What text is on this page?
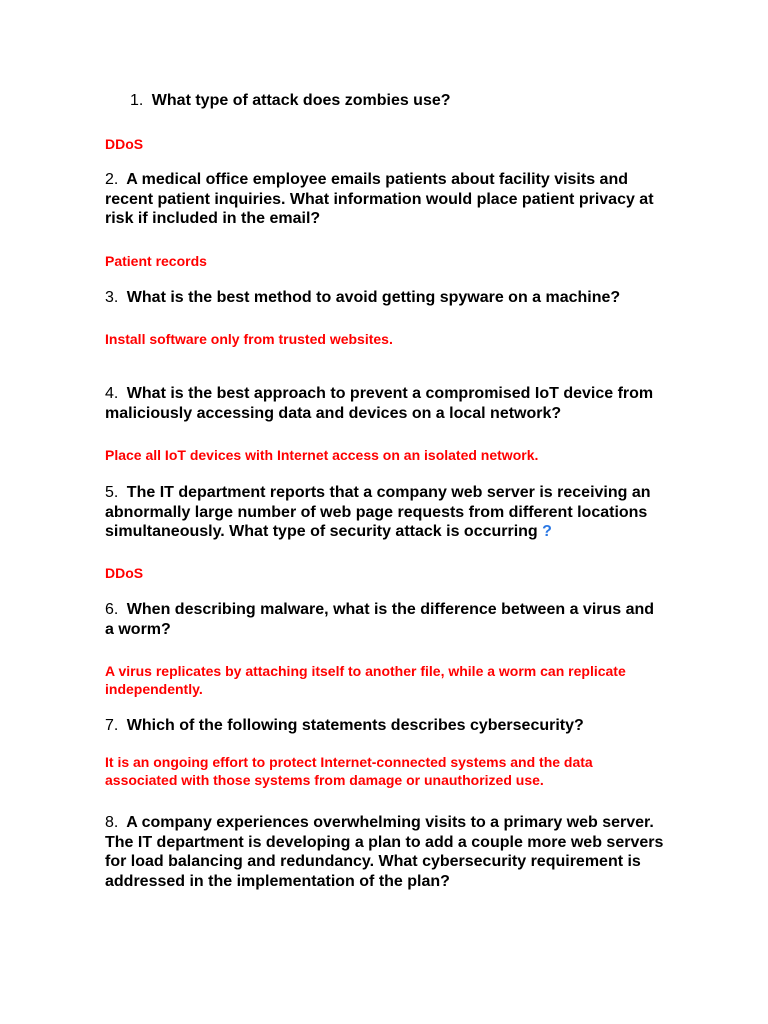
1. What type of attack does zombies use?

DDoS

2. A medical office employee emails patients about facility visits and recent patient inquiries. What information would place patient privacy at risk if included in the email?

Patient records

3. What is the best method to avoid getting spyware on a machine?

Install software only from trusted websites.

4. What is the best approach to prevent a compromised IoT device from maliciously accessing data and devices on a local network?

Place all IoT devices with Internet access on an isolated network.

5. The IT department reports that a company web server is receiving an abnormally large number of web page requests from different locations simultaneously. What type of security attack is occurring ?

DDoS

6. When describing malware, what is the difference between a virus and a worm?

A virus replicates by attaching itself to another file, while a worm can replicate independently.

7. Which of the following statements describes cybersecurity?

It is an ongoing effort to protect Internet-connected systems and the data associated with those systems from damage or unauthorized use.

8. A company experiences overwhelming visits to a primary web server. The IT department is developing a plan to add a couple more web servers for load balancing and redundancy. What cybersecurity requirement is addressed in the implementation of the plan?
